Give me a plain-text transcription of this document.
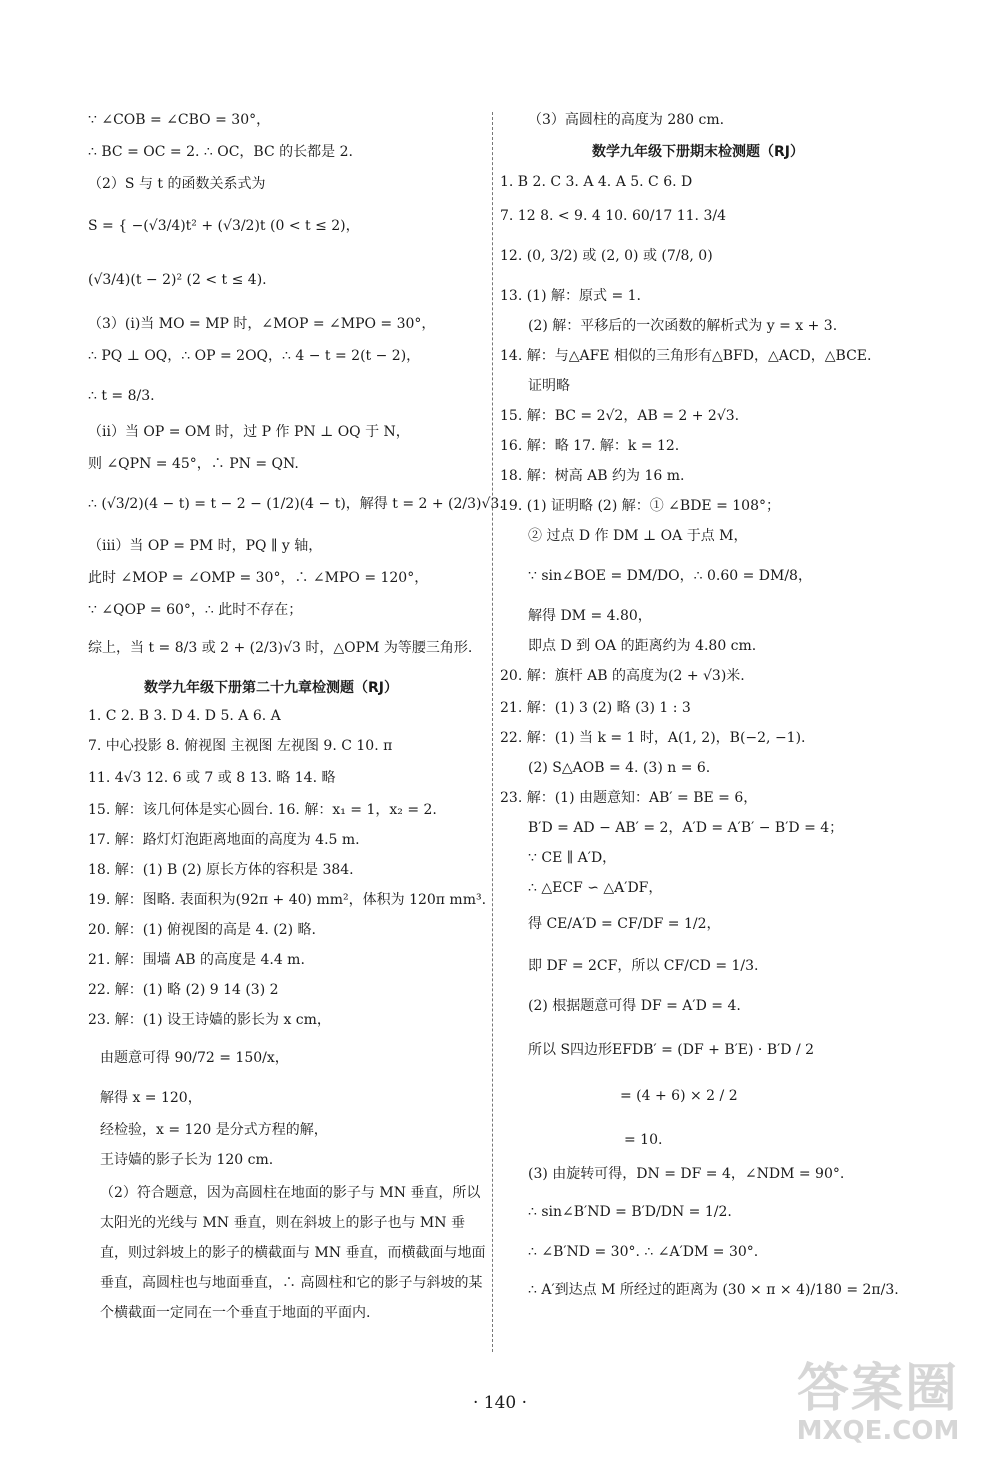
∵ ∠COB = ∠CBO = 30°，
∴ BC = OC = 2. ∴ OC，BC 的长都是 2.
（2）S 与 t 的函数关系式为
S = { −(√3/4)t² + (√3/2)t (0 < t ≤ 2)，
(√3/4)(t − 2)² (2 < t ≤ 4).
（3）(ⅰ)当 MO = MP 时，∠MOP = ∠MPO = 30°，
∴ PQ ⊥ OQ，∴ OP = 2OQ，∴ 4 − t = 2(t − 2)，
∴ t = 8/3.
（ⅱ）当 OP = OM 时，过 P 作 PN ⊥ OQ 于 N，
则 ∠QPN = 45°，∴ PN = QN.
∴ (√3/2)(4 − t) = t − 2 − (1/2)(4 − t)，解得 t = 2 + (2/3)√3.
（ⅲ）当 OP = PM 时，PQ ∥ y 轴，
此时 ∠MOP = ∠OMP = 30°，∴ ∠MPO = 120°，
∵ ∠QOP = 60°，∴ 此时不存在；
综上，当 t = 8/3 或 2 + (2/3)√3 时，△OPM 为等腰三角形.
数学九年级下册第二十九章检测题（RJ）
1. C 2. B 3. D 4. D 5. A 6. A
7. 中心投影 8. 俯视图 主视图 左视图 9. C 10. π
11. 4√3 12. 6 或 7 或 8 13. 略 14. 略
15. 解：该几何体是实心圆台. 16. 解：x₁ = 1，x₂ = 2.
17. 解：路灯灯泡距离地面的高度为 4.5 m.
18. 解：(1) B (2) 原长方体的容积是 384.
19. 解：图略. 表面积为(92π + 40) mm²，体积为 120π mm³.
20. 解：(1) 俯视图的高是 4. (2) 略.
21. 解：围墙 AB 的高度是 4.4 m.
22. 解：(1) 略 (2) 9 14 (3) 2
23. 解：(1) 设王诗嫱的影长为 x cm，
由题意可得 90/72 = 150/x，
解得 x = 120，
经检验，x = 120 是分式方程的解，
王诗嫱的影子长为 120 cm.
（2）符合题意，因为高圆柱在地面的影子与 MN 垂直，所以太阳光的光线与 MN 垂直，则在斜坡上的影子也与 MN 垂直，则过斜坡上的影子的横截面与 MN 垂直，而横截面与地面垂直，高圆柱也与地面垂直，∴ 高圆柱和它的影子与斜坡的某个横截面一定同在一个垂直于地面的平面内.
（3）高圆柱的高度为 280 cm.
数学九年级下册期末检测题（RJ）
1. B 2. C 3. A 4. A 5. C 6. D
7. 12 8. < 9. 4 10. 60/17 11. 3/4
12. (0, 3/2) 或 (2, 0) 或 (7/8, 0)
13. (1) 解：原式 = 1.
(2) 解：平移后的一次函数的解析式为 y = x + 3.
14. 解：与△AFE 相似的三角形有△BFD，△ACD，△BCE.
证明略
15. 解：BC = 2√2，AB = 2 + 2√3.
16. 解：略 17. 解：k = 12.
18. 解：树高 AB 约为 16 m.
19. (1) 证明略 (2) 解：① ∠BDE = 108°；
② 过点 D 作 DM ⊥ OA 于点 M，
∵ sin∠BOE = DM/DO，∴ 0.60 = DM/8，
解得 DM = 4.80，
即点 D 到 OA 的距离约为 4.80 cm.
20. 解：旗杆 AB 的高度为(2 + √3)米.
21. 解：(1) 3 (2) 略 (3) 1 : 3
22. 解：(1) 当 k = 1 时，A(1, 2)，B(−2, −1).
(2) S△AOB = 4. (3) n = 6.
23. 解：(1) 由题意知：AB′ = BE = 6，
B′D = AD − AB′ = 2，A′D = A′B′ − B′D = 4；
∵ CE ∥ A′D，
∴ △ECF ∽ △A′DF，
得 CE/A′D = CF/DF = 1/2，
即 DF = 2CF，所以 CF/CD = 1/3.
(2) 根据题意可得 DF = A′D = 4.
所以 S四边形EFDB′ = (DF + B′E) · B′D / 2
= (4 + 6) × 2 / 2
= 10.
(3) 由旋转可得，DN = DF = 4，∠NDM = 90°.
∴ sin∠B′ND = B′D/DN = 1/2.
∴ ∠B′ND = 30°. ∴ ∠A′DM = 30°.
∴ A′到达点 M 所经过的距离为 (30 × π × 4)/180 = 2π/3.
· 140 ·	答案圈
MXQE.COM
